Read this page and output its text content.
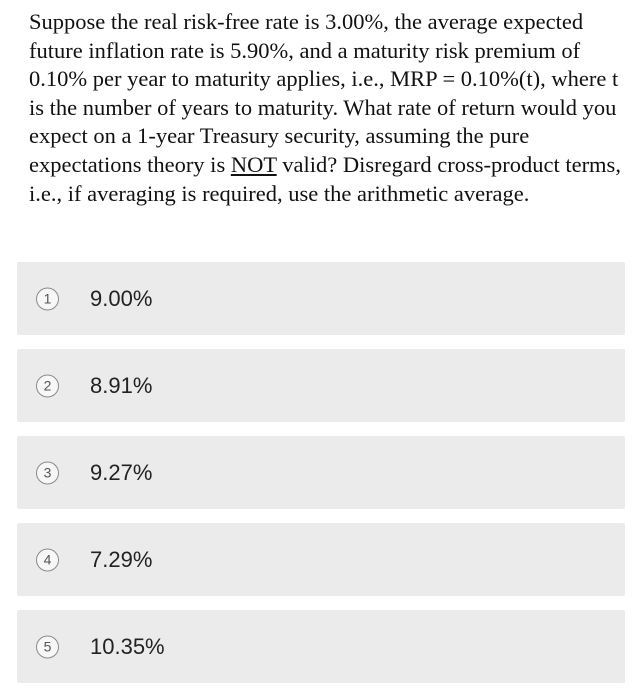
Suppose the real risk-free rate is 3.00%, the average expected future inflation rate is 5.90%, and a maturity risk premium of 0.10% per year to maturity applies, i.e., MRP = 0.10%(t), where t is the number of years to maturity. What rate of return would you expect on a 1-year Treasury security, assuming the pure expectations theory is NOT valid? Disregard cross-product terms, i.e., if averaging is required, use the arithmetic average.

1	9.00%
2	8.91%
3	9.27%
4	7.29%
5	10.35%
